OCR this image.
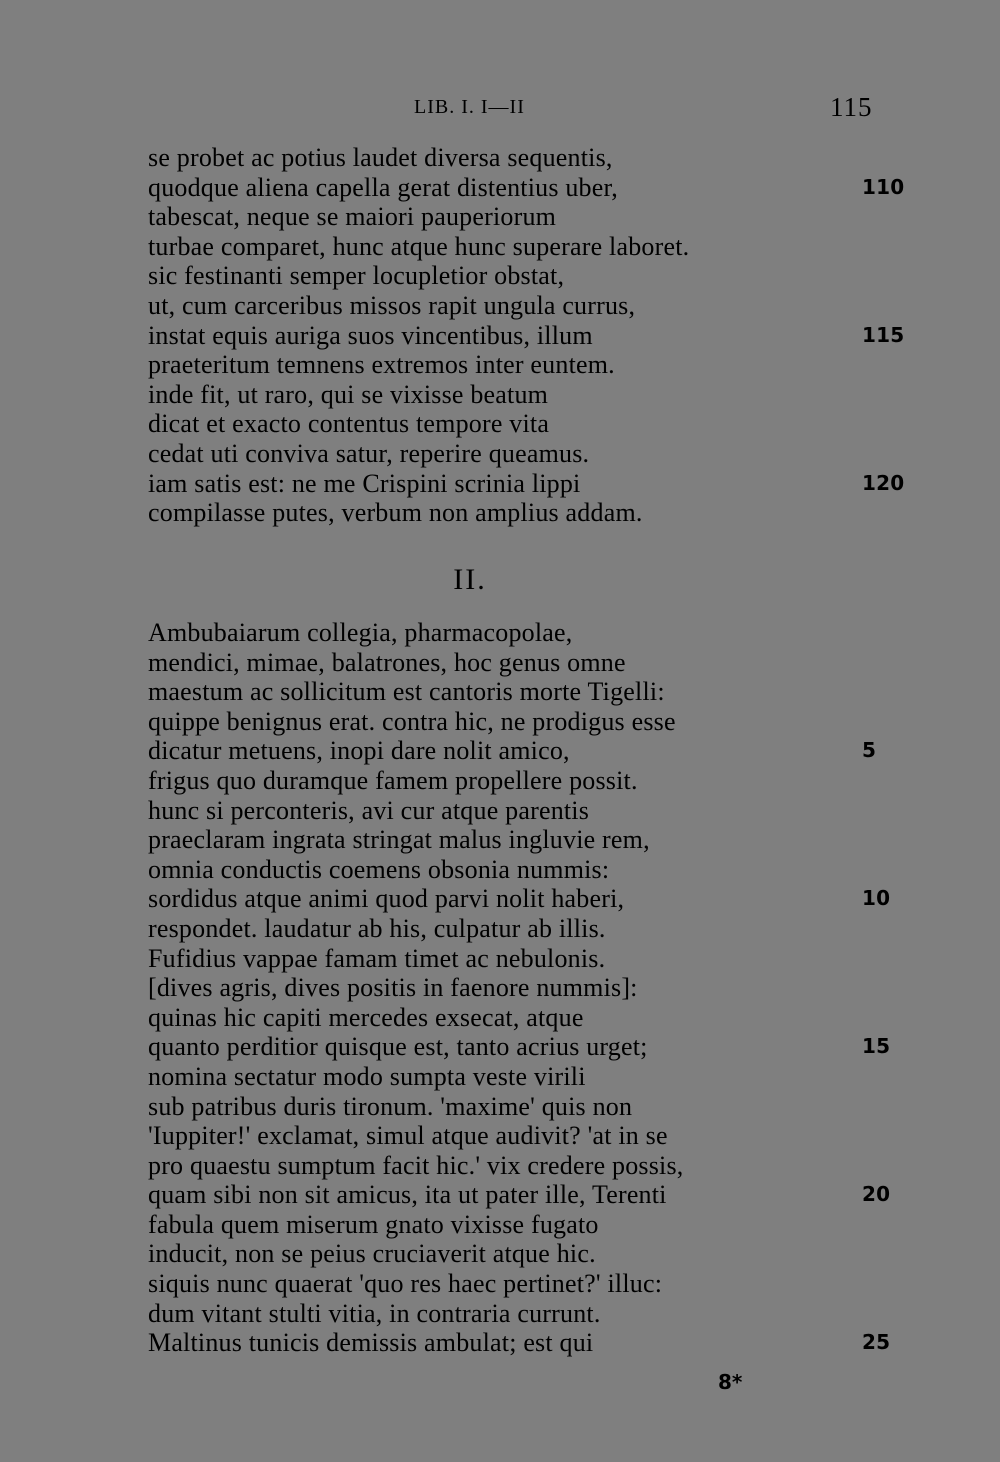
LIB. I. I—II	115
se probet ac potius laudet diversa sequentis,
quodque aliena capella gerat distentius uber,	110
tabescat, neque se maiori pauperiorum
turbae comparet, hunc atque hunc superare laboret.
sic festinanti semper locupletior obstat,
ut, cum carceribus missos rapit ungula currus,
instat equis auriga suos vincentibus, illum	115
praeteritum temnens extremos inter euntem.
inde fit, ut raro, qui se vixisse beatum
dicat et exacto contentus tempore vita
cedat uti conviva satur, reperire queamus.
iam satis est: ne me Crispini scrinia lippi	120
compilasse putes, verbum non amplius addam.
II.
Ambubaiarum collegia, pharmacopolae,
mendici, mimae, balatrones, hoc genus omne
maestum ac sollicitum est cantoris morte Tigelli:
quippe benignus erat. contra hic, ne prodigus esse
dicatur metuens, inopi dare nolit amico,	5
frigus quo duramque famem propellere possit.
hunc si perconteris, avi cur atque parentis
praeclaram ingrata stringat malus ingluvie rem,
omnia conductis coemens obsonia nummis:
sordidus atque animi quod parvi nolit haberi,	10
respondet. laudatur ab his, culpatur ab illis.
Fufidius vappae famam timet ac nebulonis.
[dives agris, dives positis in faenore nummis]:
quinas hic capiti mercedes exsecat, atque
quanto perditior quisque est, tanto acrius urget;	15
nomina sectatur modo sumpta veste virili
sub patribus duris tironum. 'maxime' quis non
'Iuppiter!' exclamat, simul atque audivit? 'at in se
pro quaestu sumptum facit hic.' vix credere possis,
quam sibi non sit amicus, ita ut pater ille, Terenti	20
fabula quem miserum gnato vixisse fugato
inducit, non se peius cruciaverit atque hic.
siquis nunc quaerat 'quo res haec pertinet?' illuc:
dum vitant stulti vitia, in contraria currunt.
Maltinus tunicis demissis ambulat; est qui	25
8*
